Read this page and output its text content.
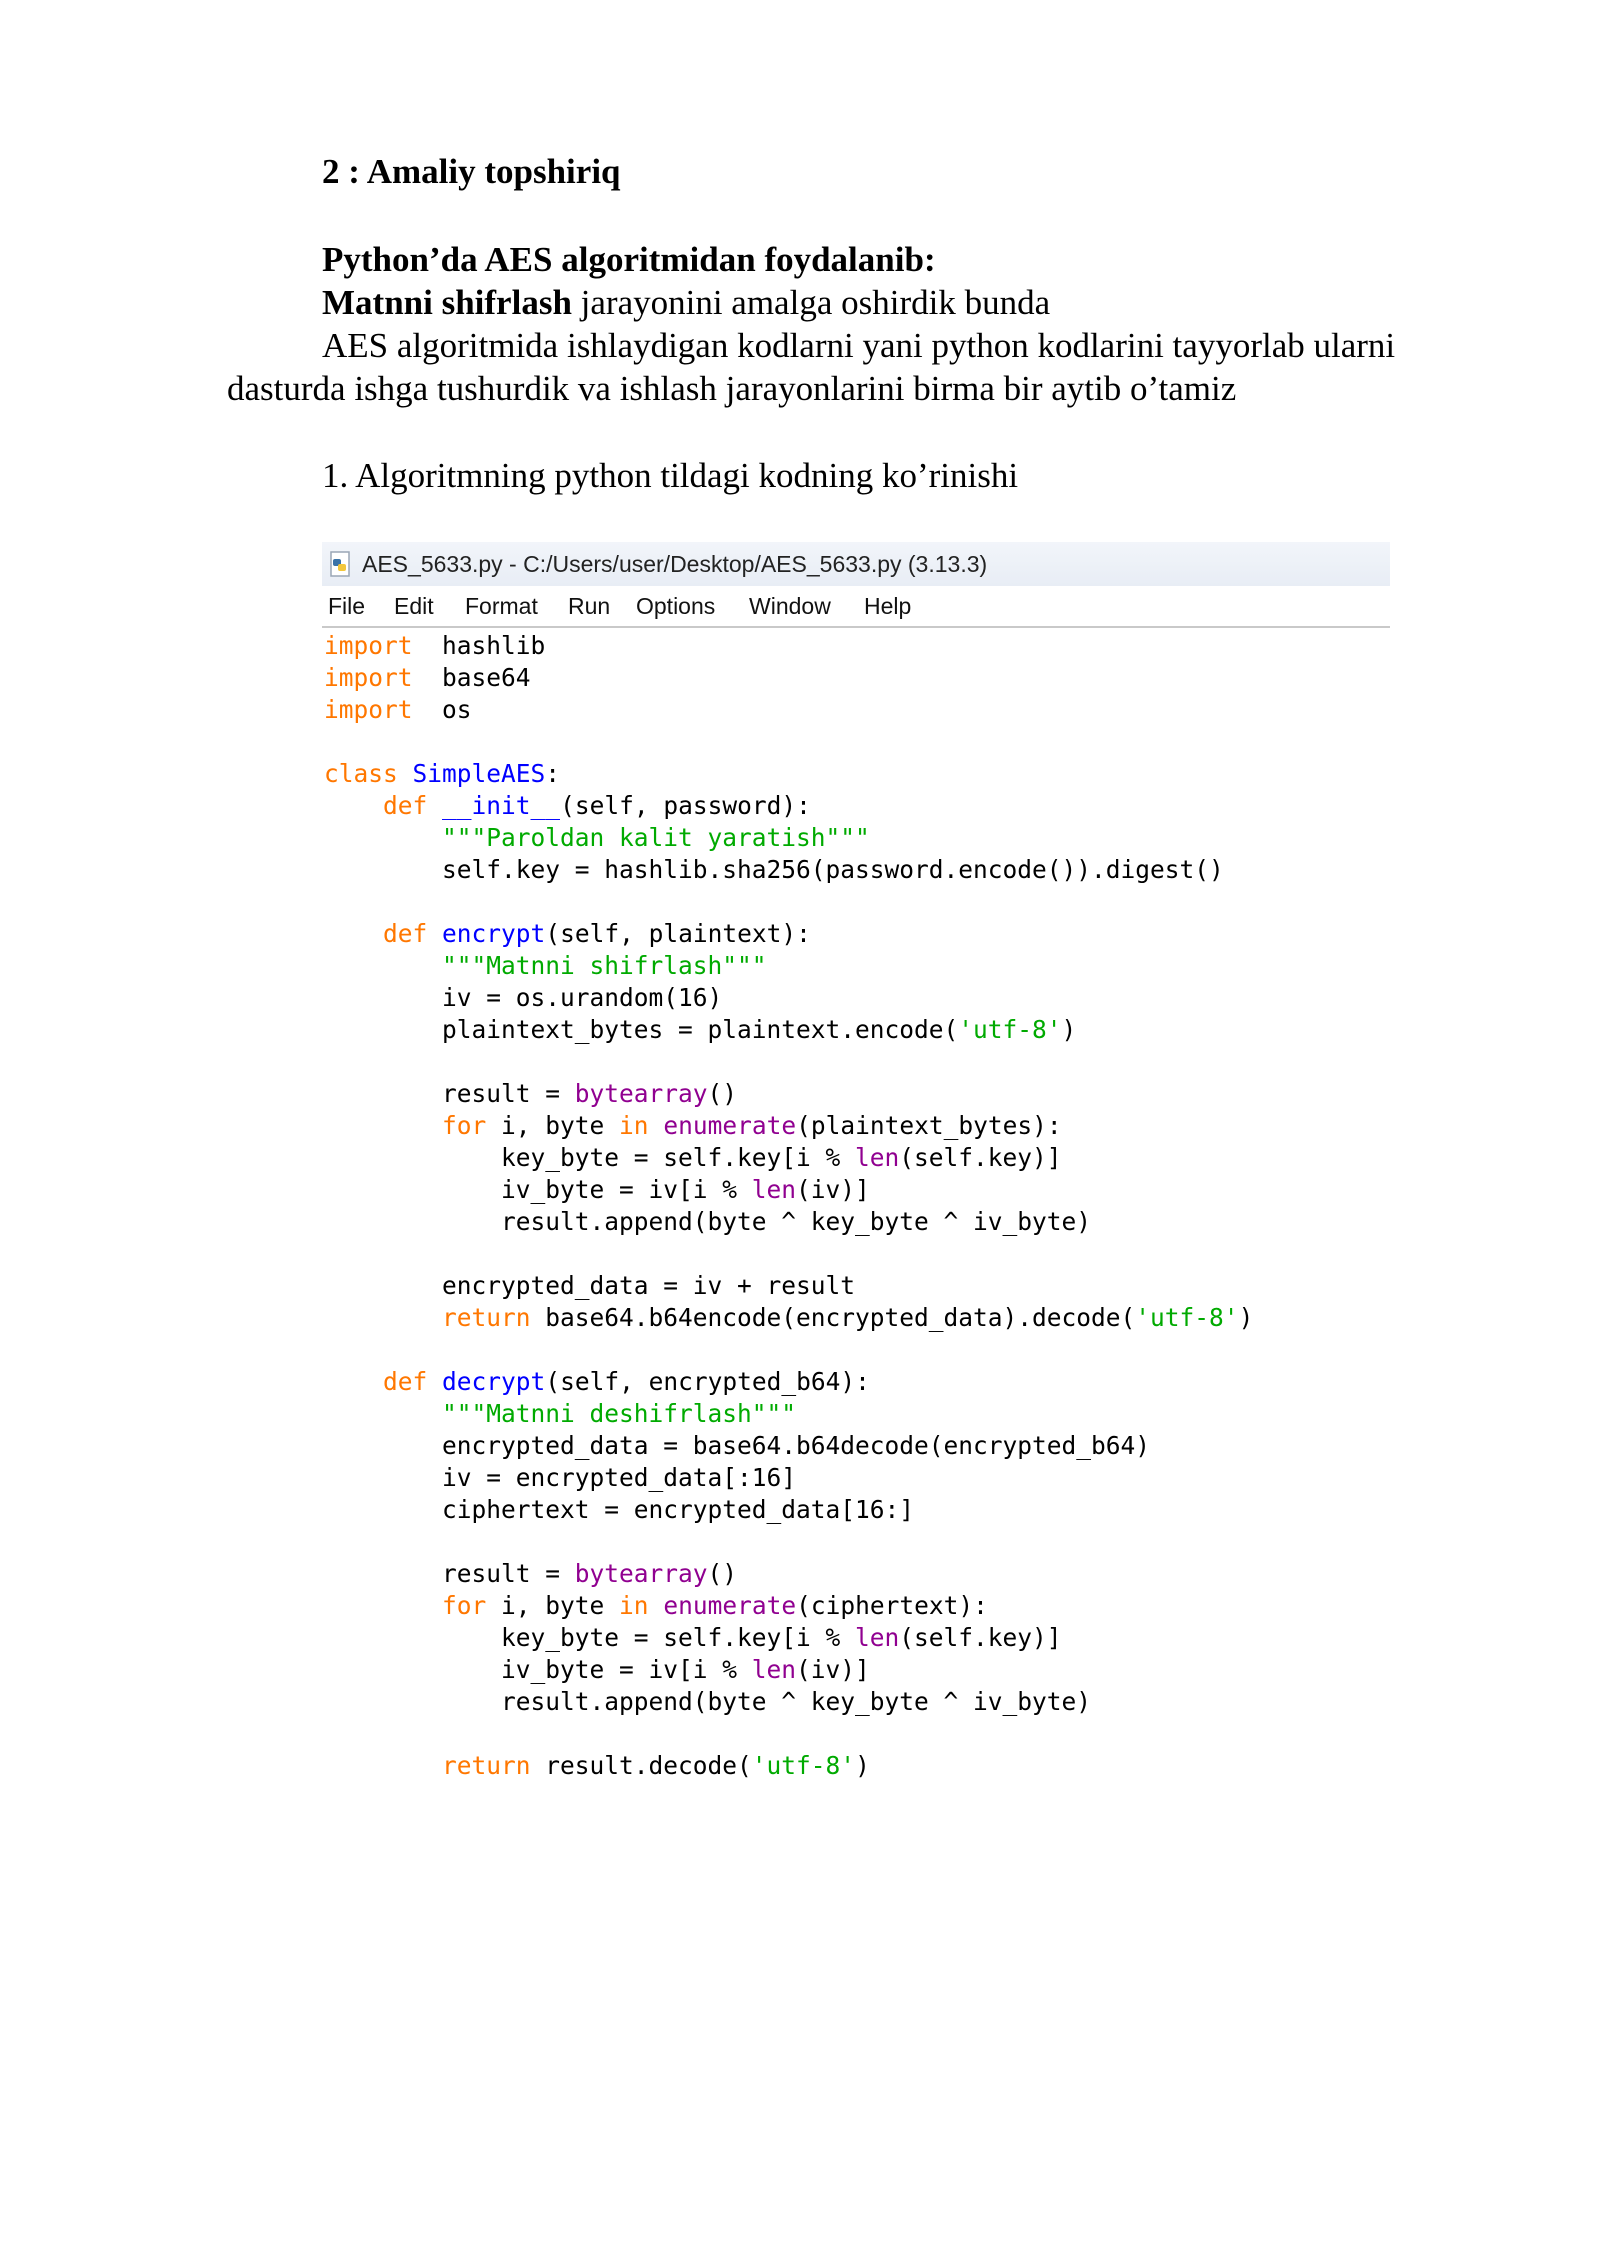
2 : Amaliy topshiriq
Python’da AES algoritmidan foydalanib:
Matnni shifrlash jarayonini amalga oshirdik bunda
AES algoritmida ishlaydigan kodlarni yani python kodlarini tayyorlab ularni
dasturda ishga tushurdik va ishlash jarayonlarini birma bir aytib o’tamiz
1. Algoritmning python tildagi kodning ko’rinishi
AES_5633.py - C:/Users/user/Desktop/AES_5633.py (3.13.3)
File Edit Format Run Options Window Help
import  hashlib
import  base64
import  os
class SimpleAES:
def __init__(self, password):
"""Paroldan kalit yaratish"""
self.key = hashlib.sha256(password.encode()).digest()
def encrypt(self, plaintext):
"""Matnni shifrlash"""
iv = os.urandom(16)
plaintext_bytes = plaintext.encode('utf-8')
result = bytearray()
for i, byte in enumerate(plaintext_bytes):
key_byte = self.key[i % len(self.key)]
iv_byte = iv[i % len(iv)]
result.append(byte ^ key_byte ^ iv_byte)
encrypted_data = iv + result
return base64.b64encode(encrypted_data).decode('utf-8')
def decrypt(self, encrypted_b64):
"""Matnni deshifrlash"""
encrypted_data = base64.b64decode(encrypted_b64)
iv = encrypted_data[:16]
ciphertext = encrypted_data[16:]
result = bytearray()
for i, byte in enumerate(ciphertext):
key_byte = self.key[i % len(self.key)]
iv_byte = iv[i % len(iv)]
result.append(byte ^ key_byte ^ iv_byte)
return result.decode('utf-8')
